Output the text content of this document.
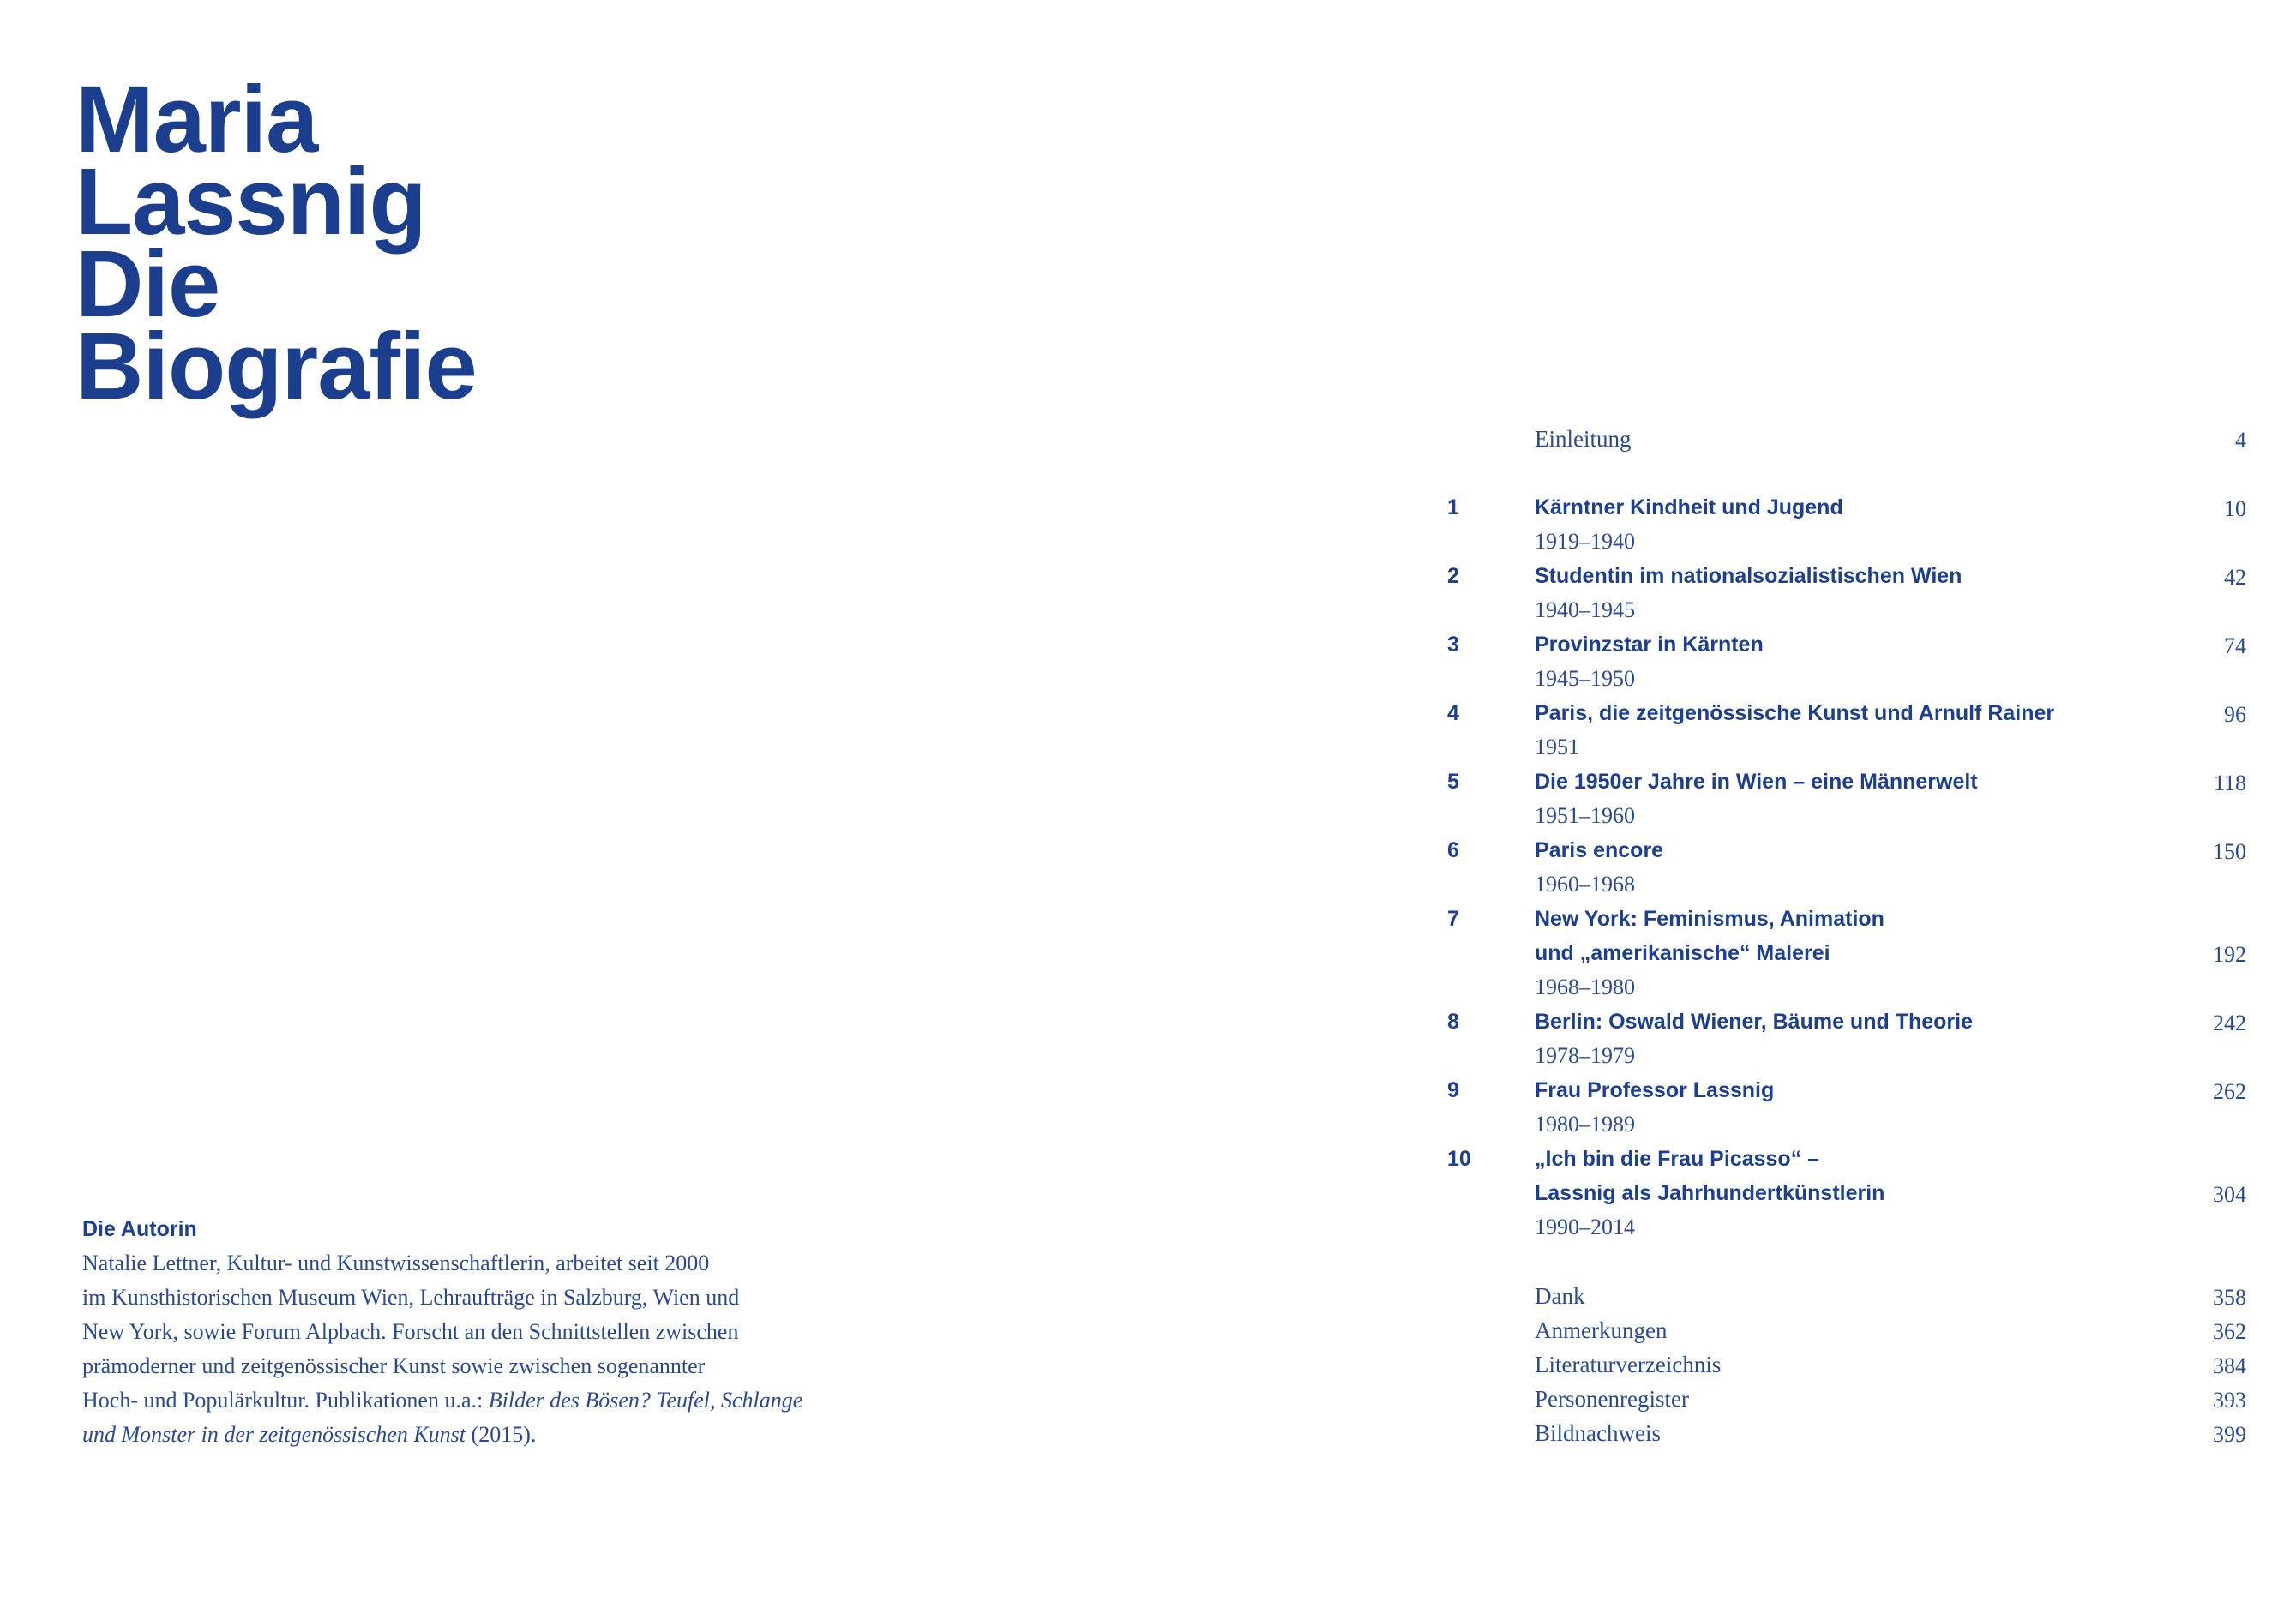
Maria
Lassnig
Die
Biografie
Die Autorin
Natalie Lettner, Kultur- und Kunstwissenschaftlerin, arbeitet seit 2000
im Kunsthistorischen Museum Wien, Lehraufträge in Salzburg, Wien und
New York, sowie Forum Alpbach. Forscht an den Schnittstellen zwischen
prämoderner und zeitgenössischer Kunst sowie zwischen sogenannter
Hoch- und Populärkultur. Publikationen u.a.: Bilder des Bösen? Teufel, Schlange
und Monster in der zeitgenössischen Kunst (2015).
Einleitung	4
1	Kärntner Kindheit und Jugend	10
1919–1940
2	Studentin im nationalsozialistischen Wien	42
1940–1945
3	Provinzstar in Kärnten	74
1945–1950
4	Paris, die zeitgenössische Kunst und Arnulf Rainer	96
1951
5	Die 1950er Jahre in Wien – eine Männerwelt	118
1951–1960
6	Paris encore	150
1960–1968
7	New York: Feminismus, Animation
und „amerikanische“ Malerei	192
1968–1980
8	Berlin: Oswald Wiener, Bäume und Theorie	242
1978–1979
9	Frau Professor Lassnig	262
1980–1989
10	„Ich bin die Frau Picasso“ –
Lassnig als Jahrhundertkünstlerin	304
1990–2014
Dank	358
Anmerkungen	362
Literaturverzeichnis	384
Personenregister	393
Bildnachweis	399
